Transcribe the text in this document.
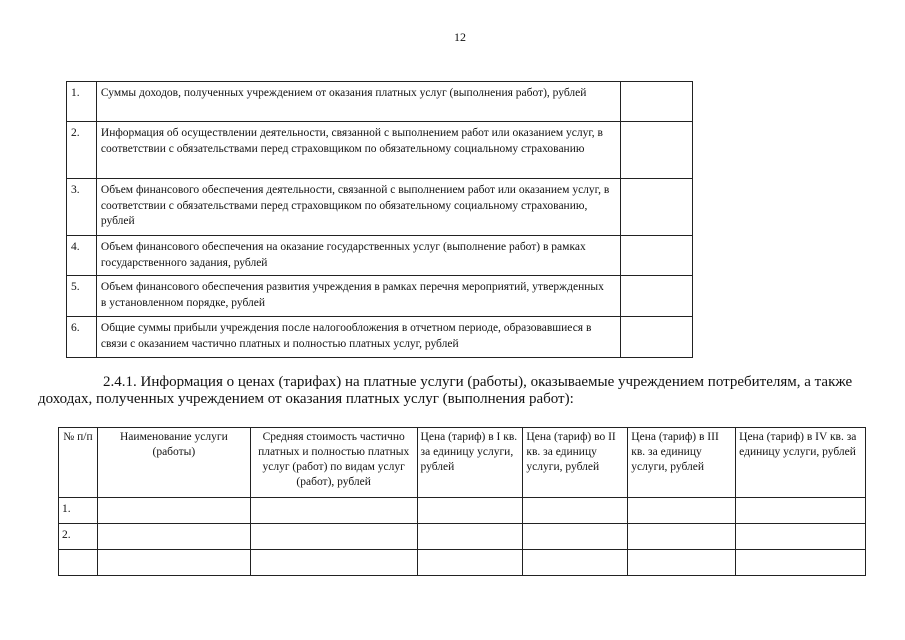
12
1.	Суммы доходов, полученных учреждением от оказания платных услуг (выполнения работ), рублей	
2.	Информация об осуществлении деятельности, связанной с выполнением работ или оказанием услуг, в соответствии с обязательствами перед страховщиком по обязательному социальному страхованию	
3.	Объем финансового обеспечения деятельности, связанной с выполнением работ или оказанием услуг, в соответствии с обязательствами перед страховщиком по обязательному социальному страхованию, рублей	
4.	Объем финансового обеспечения на оказание государственных услуг (выполнение работ) в рамках государственного задания, рублей	
5.	Объем финансового обеспечения развития учреждения в рамках перечня мероприятий, утвержденных в установленном порядке, рублей	
6.	Общие суммы прибыли учреждения после налогообложения в отчетном периоде, образовавшиеся в связи с оказанием частично платных и полностью платных услуг, рублей	
2.4.1. Информация о ценах (тарифах) на платные услуги (работы), оказываемые учреждением потребителям, а также доходах, полученных учреждением от оказания платных услуг (выполнения работ):
№ п/п	Наименование услуги (работы)	Средняя стоимость частично платных и полностью платных услуг (работ) по видам услуг (работ), рублей	Цена (тариф) в I кв. за единицу услуги, рублей	Цена (тариф) во II кв. за единицу услуги, рублей	Цена (тариф) в III кв. за единицу услуги, рублей	Цена (тариф) в IV кв. за единицу услуги, рублей
1.						
2.						
